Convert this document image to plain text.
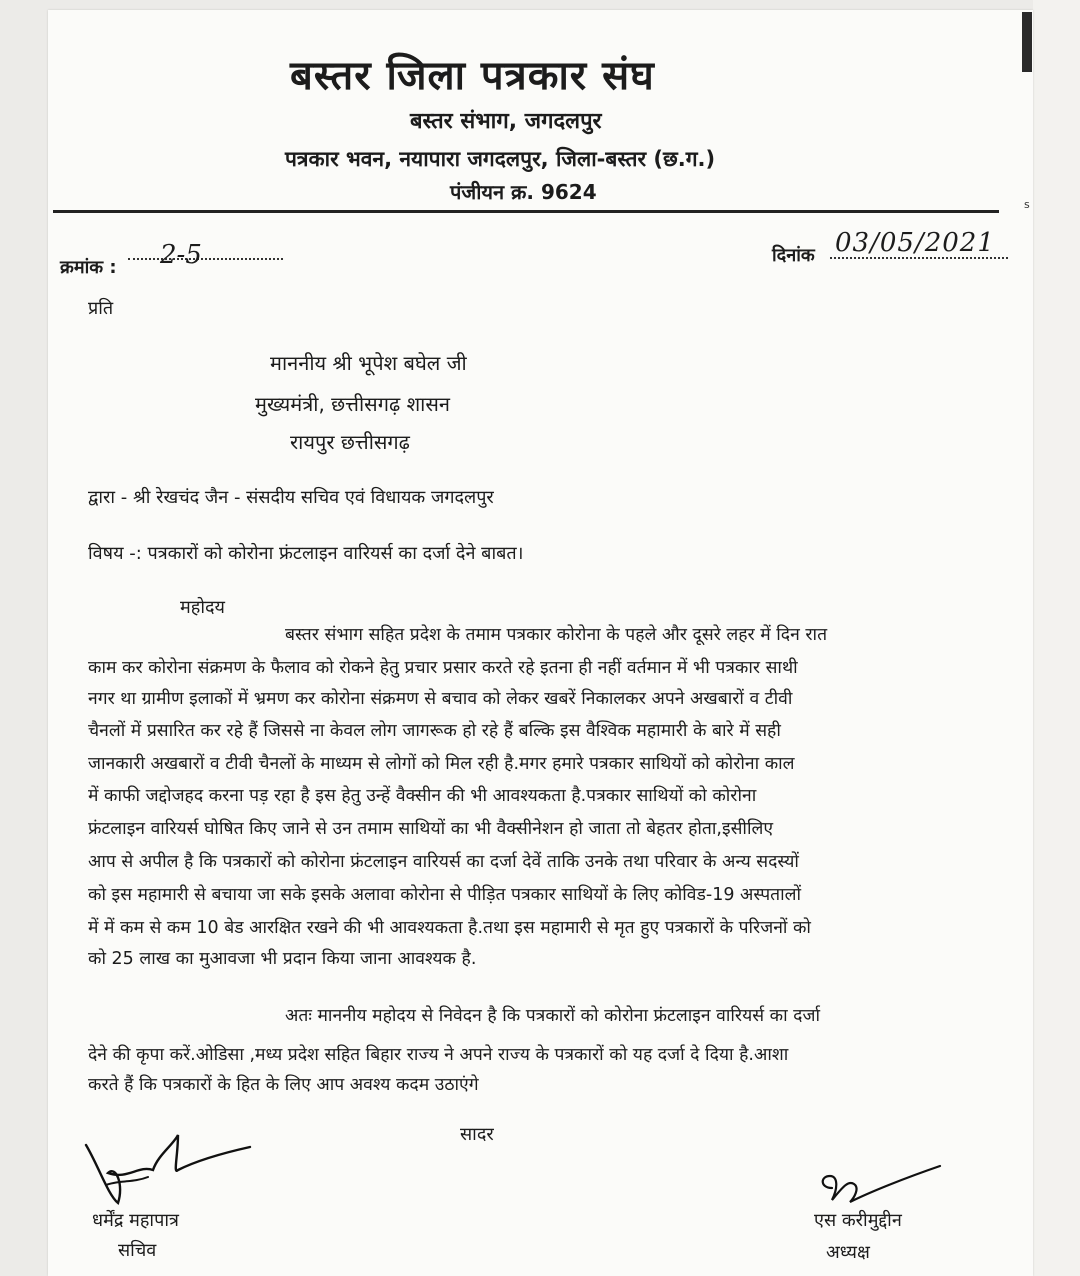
s
बस्तर जिला पत्रकार संघ
बस्तर संभाग, जगदलपुर
पत्रकार भवन, नयापारा जगदलपुर, जिला-बस्तर (छ.ग.)
पंजीयन क्र. 9624
क्रमांक : 2-5	दिनांक 03/05/2021
प्रति
माननीय श्री भूपेश बघेल जी
मुख्यमंत्री, छत्तीसगढ़ शासन
रायपुर छत्तीसगढ़
द्वारा - श्री रेखचंद जैन - संसदीय सचिव एवं विधायक जगदलपुर
विषय -: पत्रकारों को कोरोना फ्रंटलाइन वारियर्स का दर्जा देने बाबत।
महोदय
बस्तर संभाग सहित प्रदेश के तमाम पत्रकार कोरोना के पहले और दूसरे लहर में दिन रात
काम कर कोरोना संक्रमण के फैलाव को रोकने हेतु प्रचार प्रसार करते रहे इतना ही नहीं वर्तमान में भी पत्रकार साथी
नगर था ग्रामीण इलाकों में भ्रमण कर कोरोना संक्रमण से बचाव को लेकर खबरें निकालकर अपने अखबारों व टीवी
चैनलों में प्रसारित कर रहे हैं जिससे ना केवल लोग जागरूक हो रहे हैं बल्कि इस वैश्विक महामारी के बारे में सही
जानकारी अखबारों व टीवी चैनलों के माध्यम से लोगों को मिल रही है.मगर हमारे पत्रकार साथियों को कोरोना काल
में काफी जद्दोजहद करना पड़ रहा है इस हेतु उन्हें वैक्सीन की भी आवश्यकता है.पत्रकार साथियों को कोरोना
फ्रंटलाइन वारियर्स घोषित किए जाने से उन तमाम साथियों का भी वैक्सीनेशन हो जाता तो बेहतर होता,इसीलिए
आप से अपील है कि पत्रकारों को कोरोना फ्रंटलाइन वारियर्स का दर्जा देवें ताकि उनके तथा परिवार के अन्य सदस्यों
को इस महामारी से बचाया जा सके इसके अलावा कोरोना से पीड़ित पत्रकार साथियों के लिए कोविड-19 अस्पतालों
में में कम से कम 10 बेड आरक्षित रखने की भी आवश्यकता है.तथा इस महामारी से मृत हुए पत्रकारों के परिजनों को
को 25 लाख का मुआवजा भी प्रदान किया जाना आवश्यक है.
अतः माननीय महोदय से निवेदन है कि पत्रकारों को कोरोना फ्रंटलाइन वारियर्स का दर्जा
देने की कृपा करें.ओडिसा ,मध्य प्रदेश सहित बिहार राज्य ने अपने राज्य के पत्रकारों को यह दर्जा दे दिया है.आशा
करते हैं कि पत्रकारों के हित के लिए आप अवश्य कदम उठाएंगे
सादर
धर्मेंद्र महापात्र
सचिव
एस करीमुद्दीन
अध्यक्ष
